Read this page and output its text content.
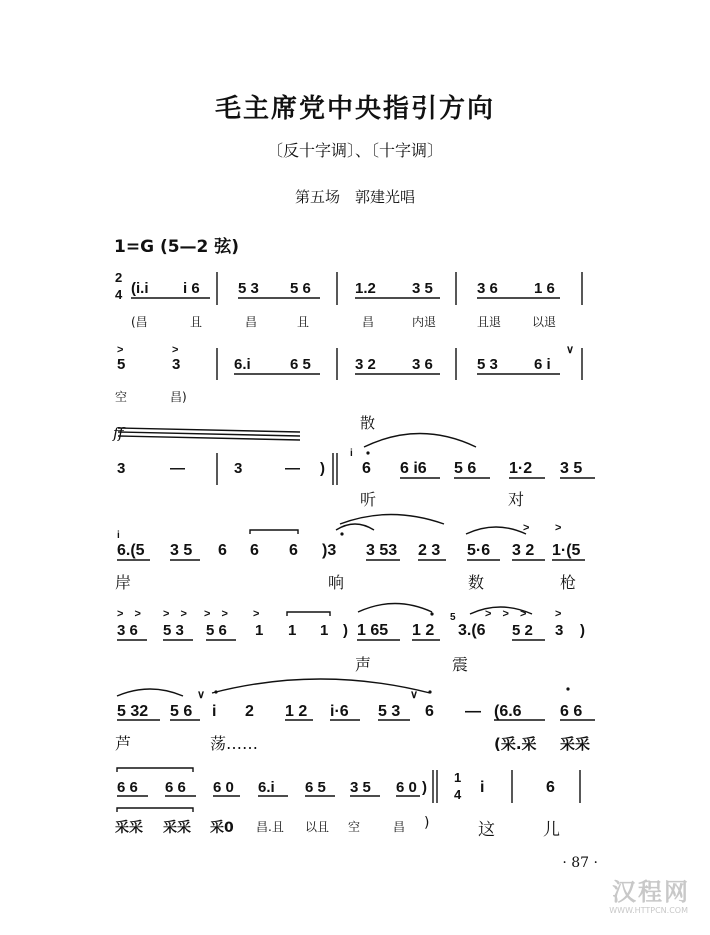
毛主席党中央指引方向
〔反十字调〕、〔十字调〕
第五场　郭建光唱
1=G (5—2 弦)
2
4 (i.i i 6	5 3 5 6	1.2 3 5	3 6 1 6
(昌	且	昌	且	昌	内退	且退	以退
>	>
5	3	6.i	6 5	3 2 3 6	5 3 6 i
∨
空	昌)
ff
散
3	—	3	— )
i
6 6 i6 5 6 1·2 3 5
听	对
i
6.(5 3 5 6 6 6 )3 3 53 2 3 5·6 3 2 1·(5
> >
岸	响	数	枪
> > > > > > >	> > > >
3 6 5 3 5 6 1 1 1 ) 1 65 1 2
5
3.(6 5 2 3 )
声	震
5 32 5 6
∨
i 2 1 2 i·6 5 3
∨
6 — (6.6 6 6
芦	荡……	(采.采 采采
6 6 6 6 6 0 6.i 6 5 3 5 6 0 )
1
4 i	6
采采 采采 采0 昌.且 以且 空	昌 )	这	儿
· 87 ·
汉程网
WWW.HTTPCN.COM
